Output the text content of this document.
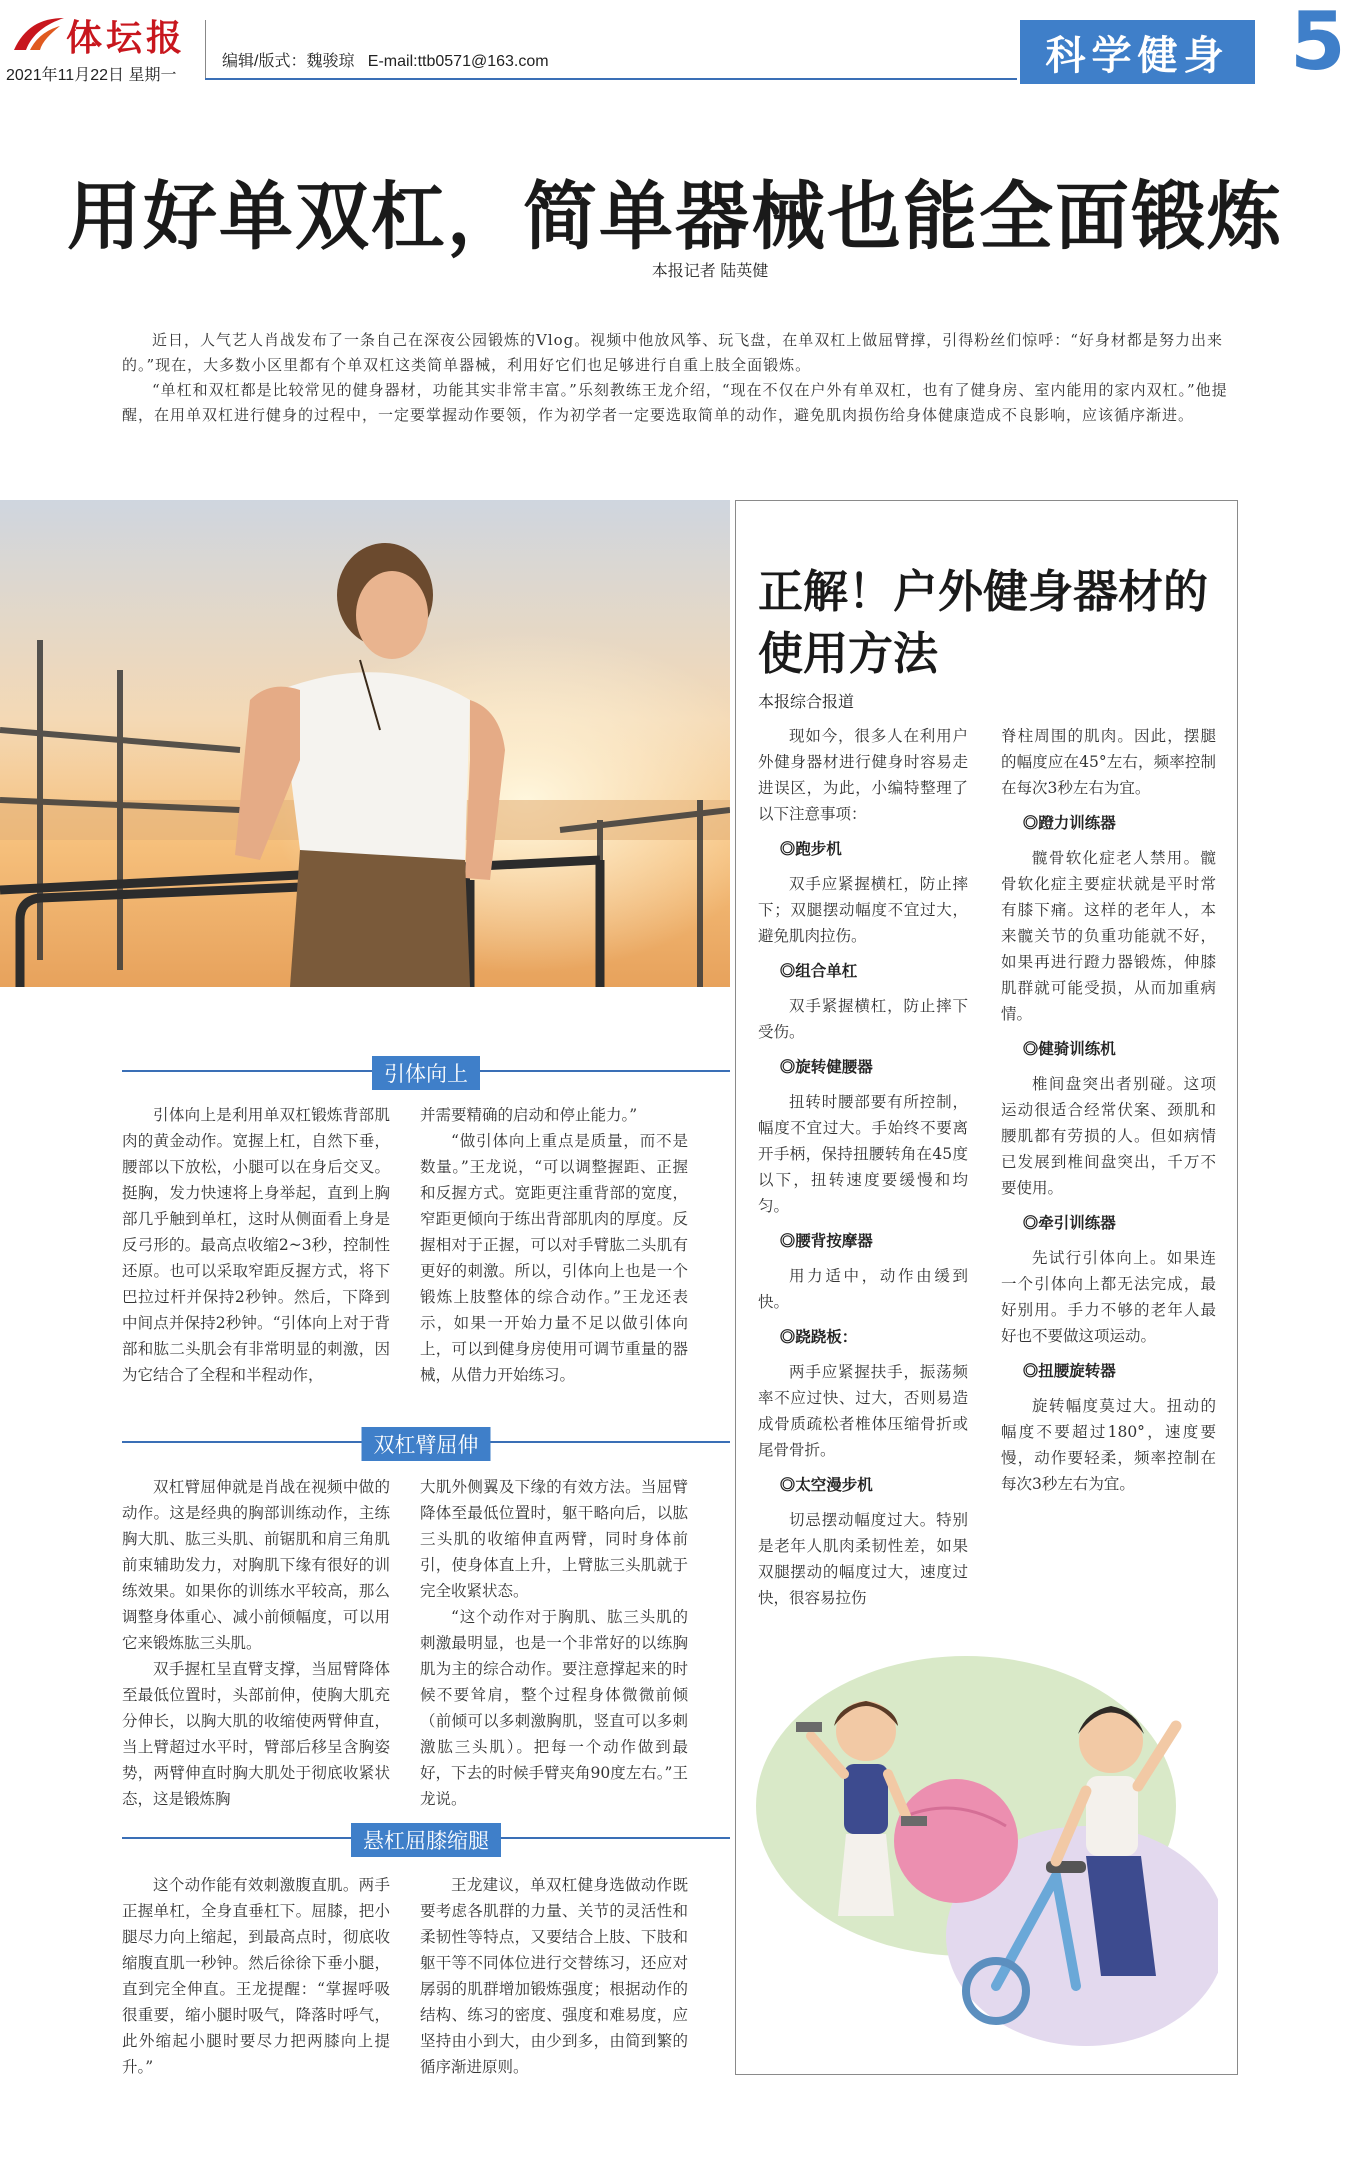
体坛报
2021年11月22日 星期一
编辑/版式：魏骏琼 E-mail:ttb0571@163.com	科学健身 5
用好单双杠，简单器械也能全面锻炼
本报记者 陆英健

近日，人气艺人肖战发布了一条自己在深夜公园锻炼的Vlog。视频中他放风筝、玩飞盘，在单双杠上做屈臂撑，引得粉丝们惊呼：“好身材都是努力出来的。”现在，大多数小区里都有个单双杠这类简单器械，利用好它们也足够进行自重上肢全面锻炼。

“单杠和双杠都是比较常见的健身器材，功能其实非常丰富。”乐刻教练王龙介绍，“现在不仅在户外有单双杠，也有了健身房、室内能用的家内双杠。”他提醒，在用单双杠进行健身的过程中，一定要掌握动作要领，作为初学者一定要选取简单的动作，避免肌肉损伤给身体健康造成不良影响，应该循序渐进。

引体向上

引体向上是利用单双杠锻炼背部肌肉的黄金动作。宽握上杠，自然下垂，腰部以下放松，小腿可以在身后交叉。挺胸，发力快速将上身举起，直到上胸部几乎触到单杠，这时从侧面看上身是反弓形的。最高点收缩2~3秒，控制性还原。也可以采取窄距反握方式，将下巴拉过杆并保持2秒钟。然后，下降到中间点并保持2秒钟。“引体向上对于背部和肱二头肌会有非常明显的刺激，因为它结合了全程和半程动作，

并需要精确的启动和停止能力。”

“做引体向上重点是质量，而不是数量。”王龙说，“可以调整握距、正握和反握方式。宽距更注重背部的宽度，窄距更倾向于练出背部肌肉的厚度。反握相对于正握，可以对手臂肱二头肌有更好的刺激。所以，引体向上也是一个锻炼上肢整体的综合动作。”王龙还表示，如果一开始力量不足以做引体向上，可以到健身房使用可调节重量的器械，从借力开始练习。

双杠臂屈伸

双杠臂屈伸就是肖战在视频中做的动作。这是经典的胸部训练动作，主练胸大肌、肱三头肌、前锯肌和肩三角肌前束辅助发力，对胸肌下缘有很好的训练效果。如果你的训练水平较高，那么调整身体重心、减小前倾幅度，可以用它来锻炼肱三头肌。

双手握杠呈直臂支撑，当屈臂降体至最低位置时，头部前伸，使胸大肌充分伸长，以胸大肌的收缩使两臂伸直，当上臂超过水平时，臂部后移呈含胸姿势，两臂伸直时胸大肌处于彻底收紧状态，这是锻炼胸

大肌外侧翼及下缘的有效方法。当屈臂降体至最低位置时，躯干略向后，以肱三头肌的收缩伸直两臂，同时身体前引，使身体直上升，上臂肱三头肌就于完全收紧状态。

“这个动作对于胸肌、肱三头肌的刺激最明显，也是一个非常好的以练胸肌为主的综合动作。要注意撑起来的时候不要耸肩，整个过程身体微微前倾（前倾可以多刺激胸肌，竖直可以多刺激肱三头肌）。把每一个动作做到最好，下去的时候手臂夹角90度左右。”王龙说。

悬杠屈膝缩腿

这个动作能有效刺激腹直肌。两手正握单杠，全身直垂杠下。屈膝，把小腿尽力向上缩起，到最高点时，彻底收缩腹直肌一秒钟。然后徐徐下垂小腿，直到完全伸直。王龙提醒：“掌握呼吸很重要，缩小腿时吸气，降落时呼气，此外缩起小腿时要尽力把两膝向上提升。”

王龙建议，单双杠健身选做动作既要考虑各肌群的力量、关节的灵活性和柔韧性等特点，又要结合上肢、下肢和躯干等不同体位进行交替练习，还应对孱弱的肌群增加锻炼强度；根据动作的结构、练习的密度、强度和难易度，应坚持由小到大，由少到多，由简到繁的循序渐进原则。

正解！户外健身器材的
使用方法
本报综合报道

现如今，很多人在利用户外健身器材进行健身时容易走进误区，为此，小编特整理了以下注意事项：

◎跑步机

双手应紧握横杠，防止摔下；双腿摆动幅度不宜过大，避免肌肉拉伤。

◎组合单杠

双手紧握横杠，防止摔下受伤。

◎旋转健腰器

扭转时腰部要有所控制，幅度不宜过大。手始终不要离开手柄，保持扭腰转角在45度以下，扭转速度要缓慢和均匀。

◎腰背按摩器

用力适中，动作由缓到快。

◎跷跷板：

两手应紧握扶手，振荡频率不应过快、过大，否则易造成骨质疏松者椎体压缩骨折或尾骨骨折。

◎太空漫步机

切忌摆动幅度过大。特别是老年人肌肉柔韧性差，如果双腿摆动的幅度过大，速度过快，很容易拉伤

脊柱周围的肌肉。因此，摆腿的幅度应在45°左右，频率控制在每次3秒左右为宜。

◎蹬力训练器

髋骨软化症老人禁用。髋骨软化症主要症状就是平时常有膝下痛。这样的老年人，本来髋关节的负重功能就不好，如果再进行蹬力器锻炼，伸膝肌群就可能受损，从而加重病情。

◎健骑训练机

椎间盘突出者别碰。这项运动很适合经常伏案、颈肌和腰肌都有劳损的人。但如病情已发展到椎间盘突出，千万不要使用。

◎牵引训练器

先试行引体向上。如果连一个引体向上都无法完成，最好别用。手力不够的老年人最好也不要做这项运动。

◎扭腰旋转器

旋转幅度莫过大。扭动的幅度不要超过180°，速度要慢，动作要轻柔，频率控制在每次3秒左右为宜。
